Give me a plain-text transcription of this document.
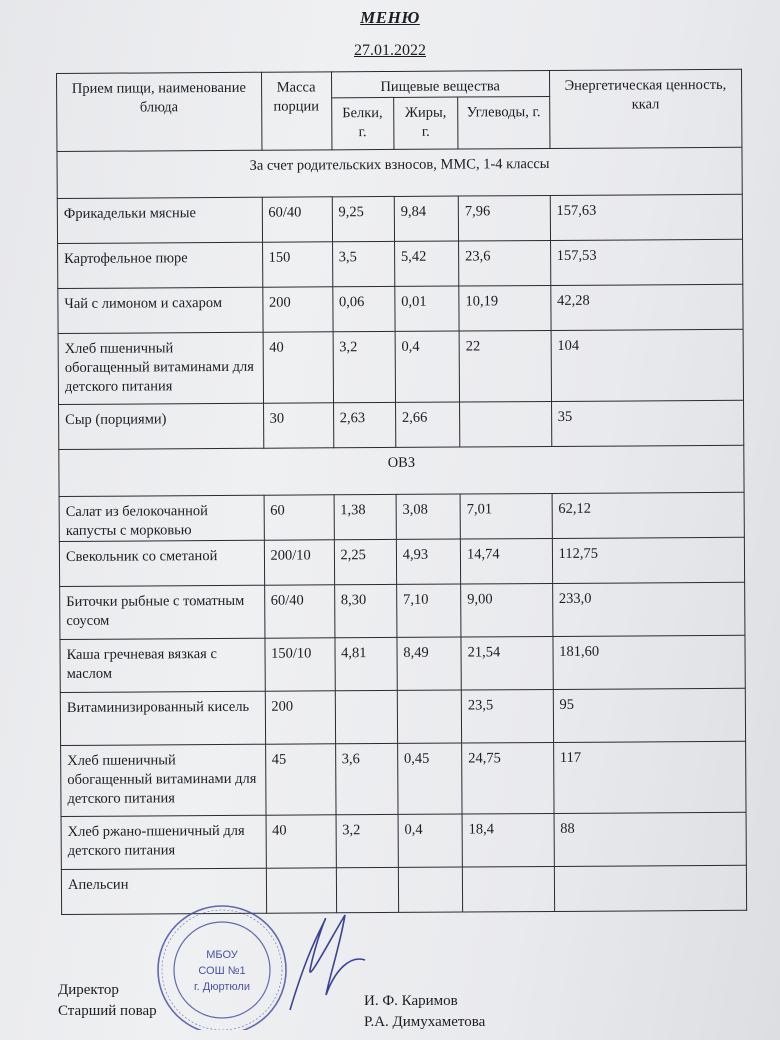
МЕНЮ
27.01.2022
Прием пищи, наименование блюда	Масса порции	Пищевые вещества			Энергетическая ценность, ккал
		Белки, г.	Жиры, г.	Углеводы, г.	
За счет родительских взносов, ММС, 1-4 классы					
Фрикадельки мясные	60/40	9,25	9,84	7,96	157,63
Картофельное пюре	150	3,5	5,42	23,6	157,53
Чай с лимоном и сахаром	200	0,06	0,01	10,19	42,28
Хлеб пшеничный обогащенный витаминами для детского питания	40	3,2	0,4	22	104
Сыр (порциями)	30	2,63	2,66		35
ОВЗ					
Салат из белокочанной капусты с морковью	60	1,38	3,08	7,01	62,12
Свекольник со сметаной	200/10	2,25	4,93	14,74	112,75
Биточки рыбные с томатным соусом	60/40	8,30	7,10	9,00	233,0
Каша гречневая вязкая с маслом	150/10	4,81	8,49	21,54	181,60
Витаминизированный кисель	200			23,5	95
Хлеб пшеничный обогащенный витаминами для детского питания	45	3,6	0,45	24,75	117
Хлеб ржано-пшеничный для детского питания	40	3,2	0,4	18,4	88
Апельсин					
МБОУ
СОШ №1
г. Дюртюли
Директор
Старший повар
И. Ф. Каримов
Р.А. Димухаметова
